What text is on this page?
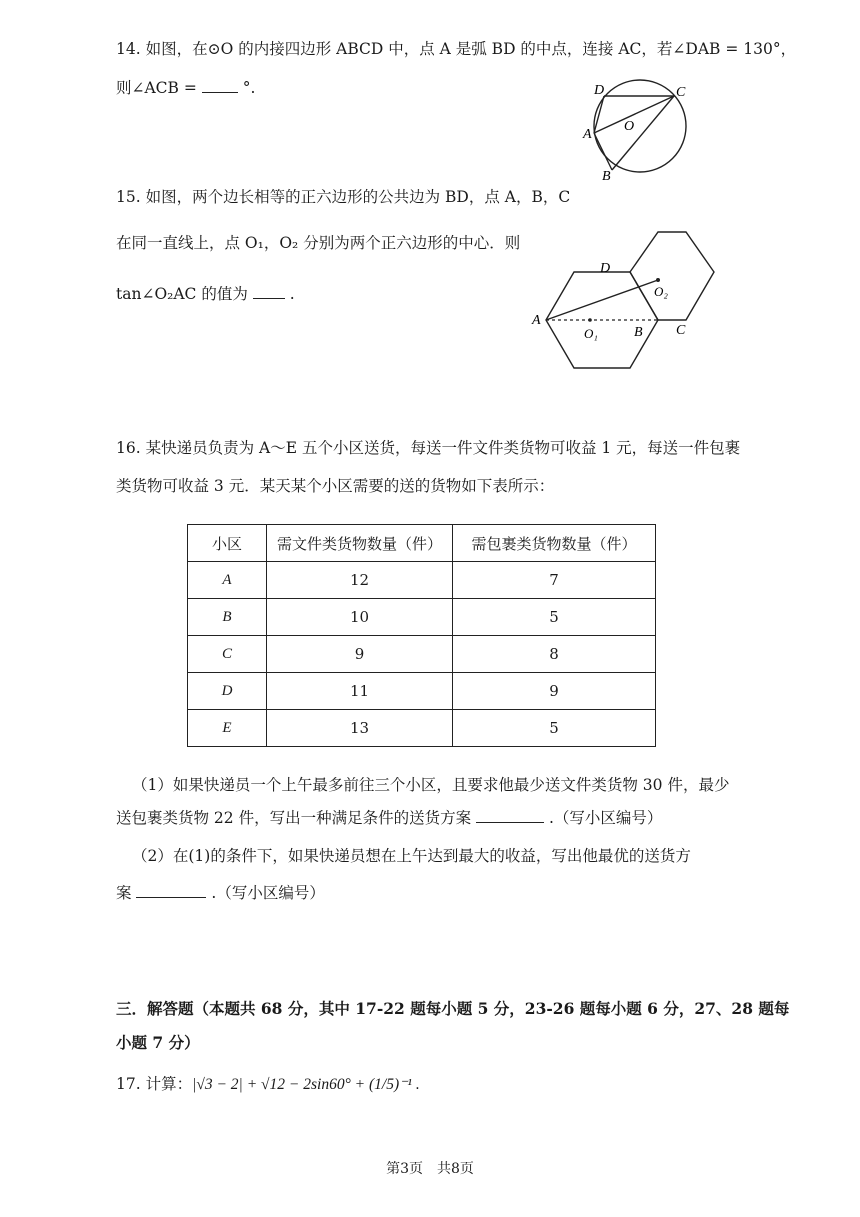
14. 如图，在⊙O 的内接四边形 ABCD 中，点 A 是弧 BD 的中点，连接 AC，若∠DAB = 130°，
则∠ACB =	°.	D	C
A
O
B
15. 如图，两个边长相等的正六边形的公共边为 BD，点 A，B，C
在同一直线上，点 O₁，O₂ 分别为两个正六边形的中心．则
tan∠O₂AC 的值为	.
A
D
O₂
O₁	B C
16. 某快递员负责为 A～E 五个小区送货，每送一件文件类货物可收益 1 元，每送一件包裹
类货物可收益 3 元．某天某个小区需要的送的货物如下表所示：
小区	需文件类货物数量（件）	需包裹类货物数量（件）
A	12	7
B	10	5
C	9	8
D	11	9
E	13	5
（1）如果快递员一个上午最多前往三个小区，且要求他最少送文件类货物 30 件，最少
送包裹类货物 22 件，写出一种满足条件的送货方案	.（写小区编号）
（2）在(1)的条件下，如果快递员想在上午达到最大的收益，写出他最优的送货方
案	.（写小区编号）
三．解答题（本题共 68 分，其中 17-22 题每小题 5 分，23-26 题每小题 6 分，27、28 题每
小题 7 分）
17. 计算：|√3 − 2| + √12 − 2sin60° + (1/5)⁻¹ .
第3页　共8页
